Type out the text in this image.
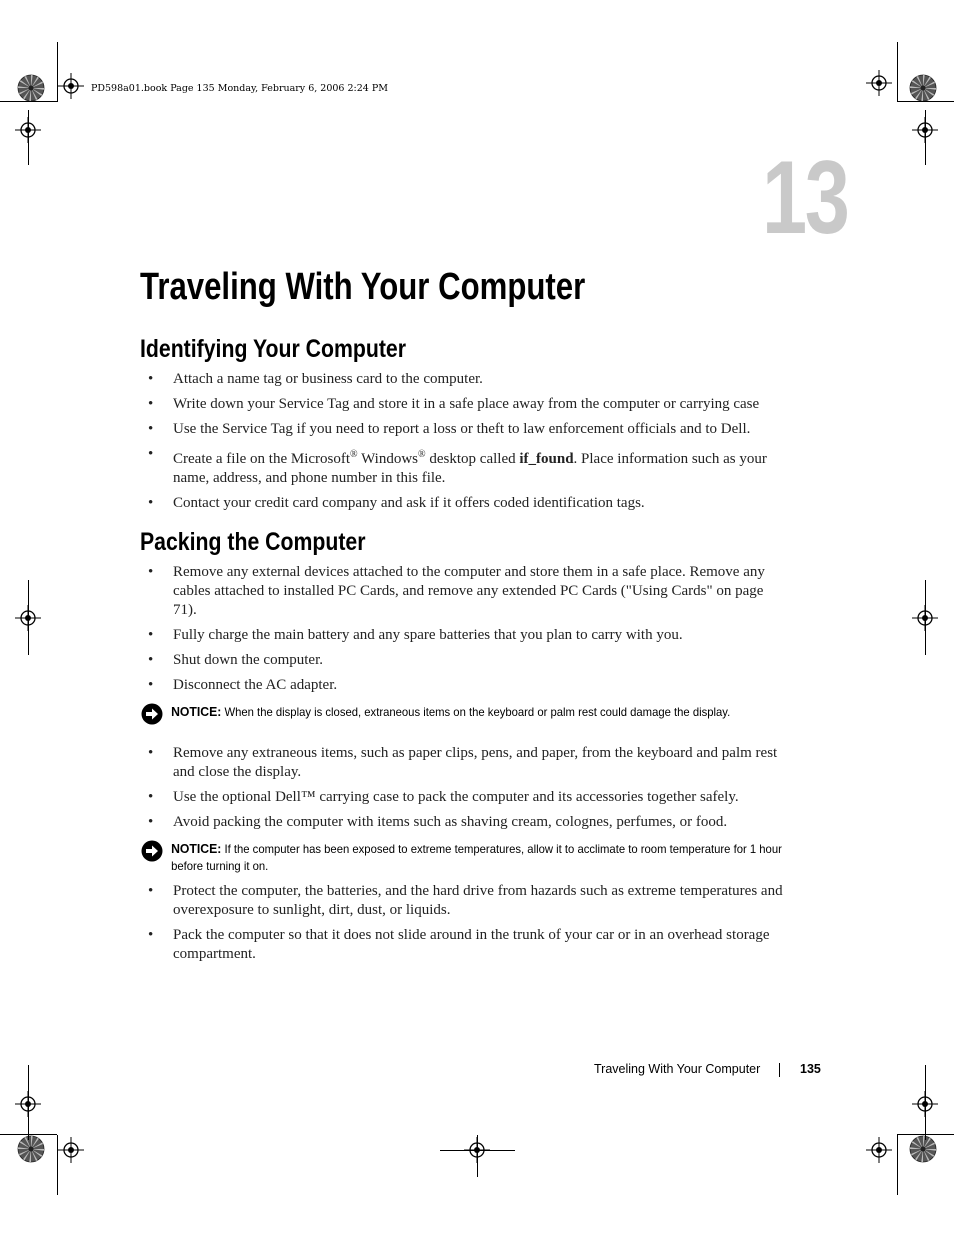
PD598a01.book Page 135 Monday, February 6, 2006 2:24 PM
13
Traveling With Your Computer
Identifying Your Computer
• Attach a name tag or business card to the computer.
• Write down your Service Tag and store it in a safe place away from the computer or carrying case
• Use the Service Tag if you need to report a loss or theft to law enforcement officials and to Dell.
• Create a file on the Microsoft® Windows® desktop called if_found. Place information such as your name, address, and phone number in this file.
• Contact your credit card company and ask if it offers coded identification tags.
Packing the Computer
• Remove any external devices attached to the computer and store them in a safe place. Remove any cables attached to installed PC Cards, and remove any extended PC Cards ("Using Cards" on page 71).
• Fully charge the main battery and any spare batteries that you plan to carry with you.
• Shut down the computer.
• Disconnect the AC adapter.
NOTICE: When the display is closed, extraneous items on the keyboard or palm rest could damage the display.
• Remove any extraneous items, such as paper clips, pens, and paper, from the keyboard and palm rest and close the display.
• Use the optional Dell™ carrying case to pack the computer and its accessories together safely.
• Avoid packing the computer with items such as shaving cream, colognes, perfumes, or food.
NOTICE: If the computer has been exposed to extreme temperatures, allow it to acclimate to room temperature for 1 hour before turning it on.
• Protect the computer, the batteries, and the hard drive from hazards such as extreme temperatures and overexposure to sunlight, dirt, dust, or liquids.
• Pack the computer so that it does not slide around in the trunk of your car or in an overhead storage compartment.
Traveling With Your Computer	135
